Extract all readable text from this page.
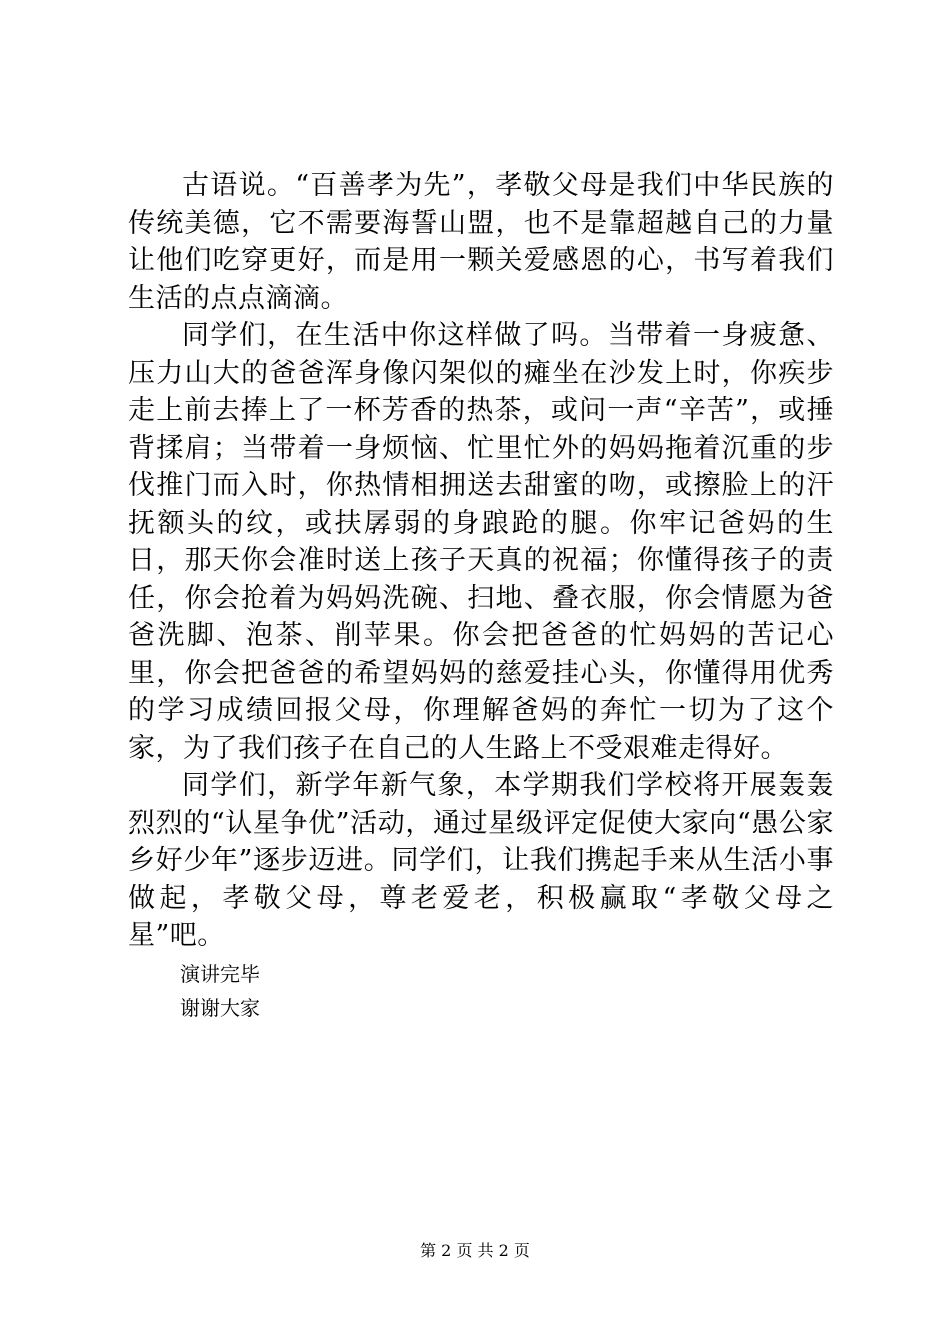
古语说。“百善孝为先”，孝敬父母是我们中华民族的传统美德，它不需要海誓山盟，也不是靠超越自己的力量让他们吃穿更好，而是用一颗关爱感恩的心，书写着我们生活的点点滴滴。

同学们，在生活中你这样做了吗。当带着一身疲惫、压力山大的爸爸浑身像闪架似的瘫坐在沙发上时，你疾步走上前去捧上了一杯芳香的热茶，或问一声“辛苦”，或捶背揉肩；当带着一身烦恼、忙里忙外的妈妈拖着沉重的步伐推门而入时，你热情相拥送去甜蜜的吻，或擦脸上的汗抚额头的纹，或扶孱弱的身踉跄的腿。你牢记爸妈的生日，那天你会准时送上孩子天真的祝福；你懂得孩子的责任，你会抢着为妈妈洗碗、扫地、叠衣服，你会情愿为爸爸洗脚、泡茶、削苹果。你会把爸爸的忙妈妈的苦记心里，你会把爸爸的希望妈妈的慈爱挂心头，你懂得用优秀的学习成绩回报父母，你理解爸妈的奔忙一切为了这个家，为了我们孩子在自己的人生路上不受艰难走得好。

同学们，新学年新气象，本学期我们学校将开展轰轰烈烈的“认星争优”活动，通过星级评定促使大家向“愚公家乡好少年”逐步迈进。同学们，让我们携起手来从生活小事做起，孝敬父母，尊老爱老，积极赢取“孝敬父母之星”吧。

演讲完毕

谢谢大家

第 2 页 共 2 页
